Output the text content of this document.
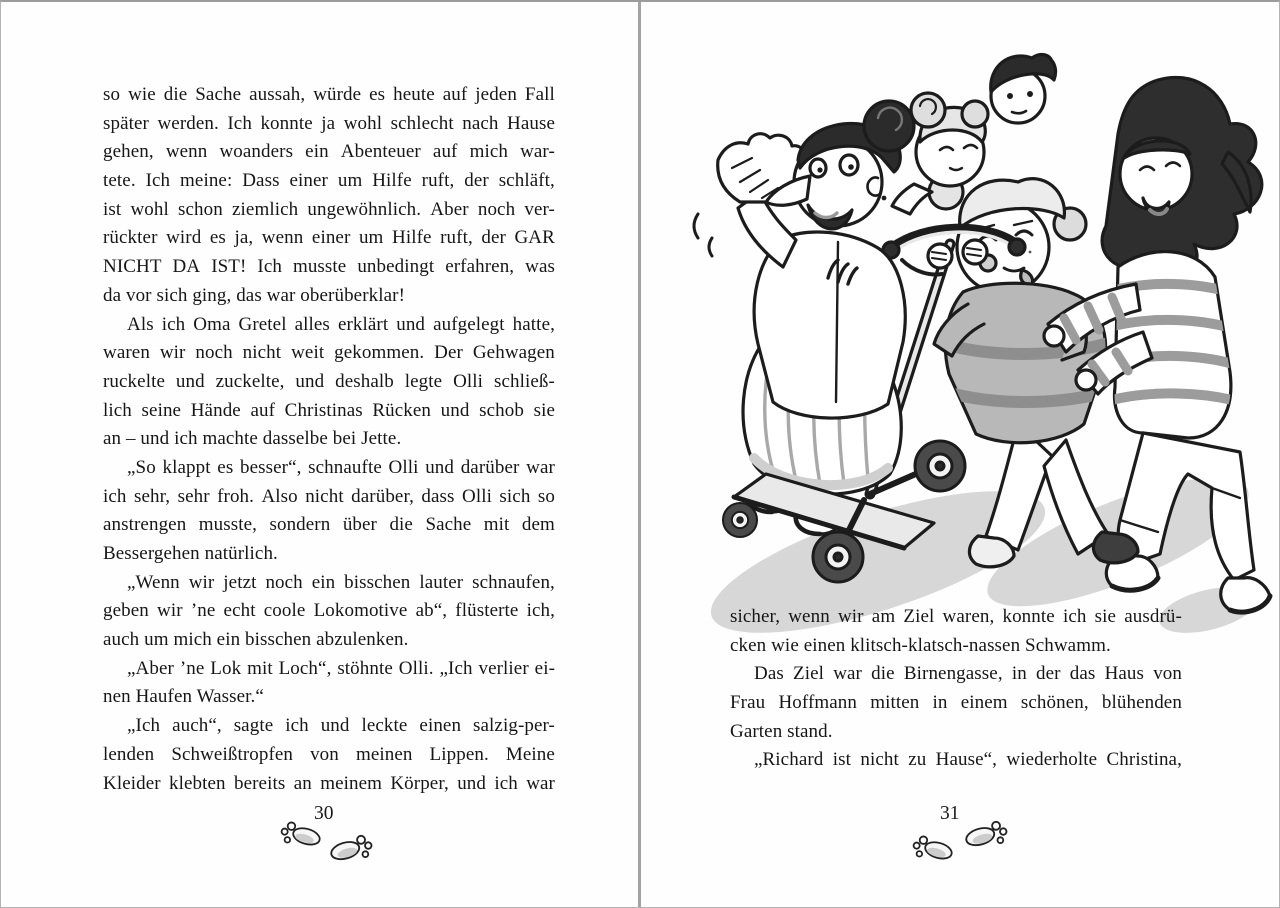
so wie die Sache aussah, würde es heute auf jeden Fall
später werden. Ich konnte ja wohl schlecht nach Hause
gehen, wenn woanders ein Abenteuer auf mich war-
tete. Ich meine: Dass einer um Hilfe ruft, der schläft,
ist wohl schon ziemlich ungewöhnlich. Aber noch ver-
rückter wird es ja, wenn einer um Hilfe ruft, der GAR
NICHT DA IST! Ich musste unbedingt erfahren, was
da vor sich ging, das war oberüberklar!
Als ich Oma Gretel alles erklärt und aufgelegt hatte,
waren wir noch nicht weit gekommen. Der Gehwagen
ruckelte und zuckelte, und deshalb legte Olli schließ-
lich seine Hände auf Christinas Rücken und schob sie
an – und ich machte dasselbe bei Jette.
„So klappt es besser“, schnaufte Olli und darüber war
ich sehr, sehr froh. Also nicht darüber, dass Olli sich so
anstrengen musste, sondern über die Sache mit dem
Bessergehen natürlich.
„Wenn wir jetzt noch ein bisschen lauter schnaufen,
geben wir ’ne echt coole Lokomotive ab“, flüsterte ich,
auch um mich ein bisschen abzulenken.
„Aber ’ne Lok mit Loch“, stöhnte Olli. „Ich verlier ei-
nen Haufen Wasser.“
„Ich auch“, sagte ich und leckte einen salzig-per-
lenden Schweißtropfen von meinen Lippen. Meine
Kleider klebten bereits an meinem Körper, und ich war
sicher, wenn wir am Ziel waren, konnte ich sie ausdrü-
cken wie einen klitsch-klatsch-nassen Schwamm.
Das Ziel war die Birnengasse, in der das Haus von
Frau Hoffmann mitten in einem schönen, blühenden
Garten stand.
„Richard ist nicht zu Hause“, wiederholte Christina,
30	31
